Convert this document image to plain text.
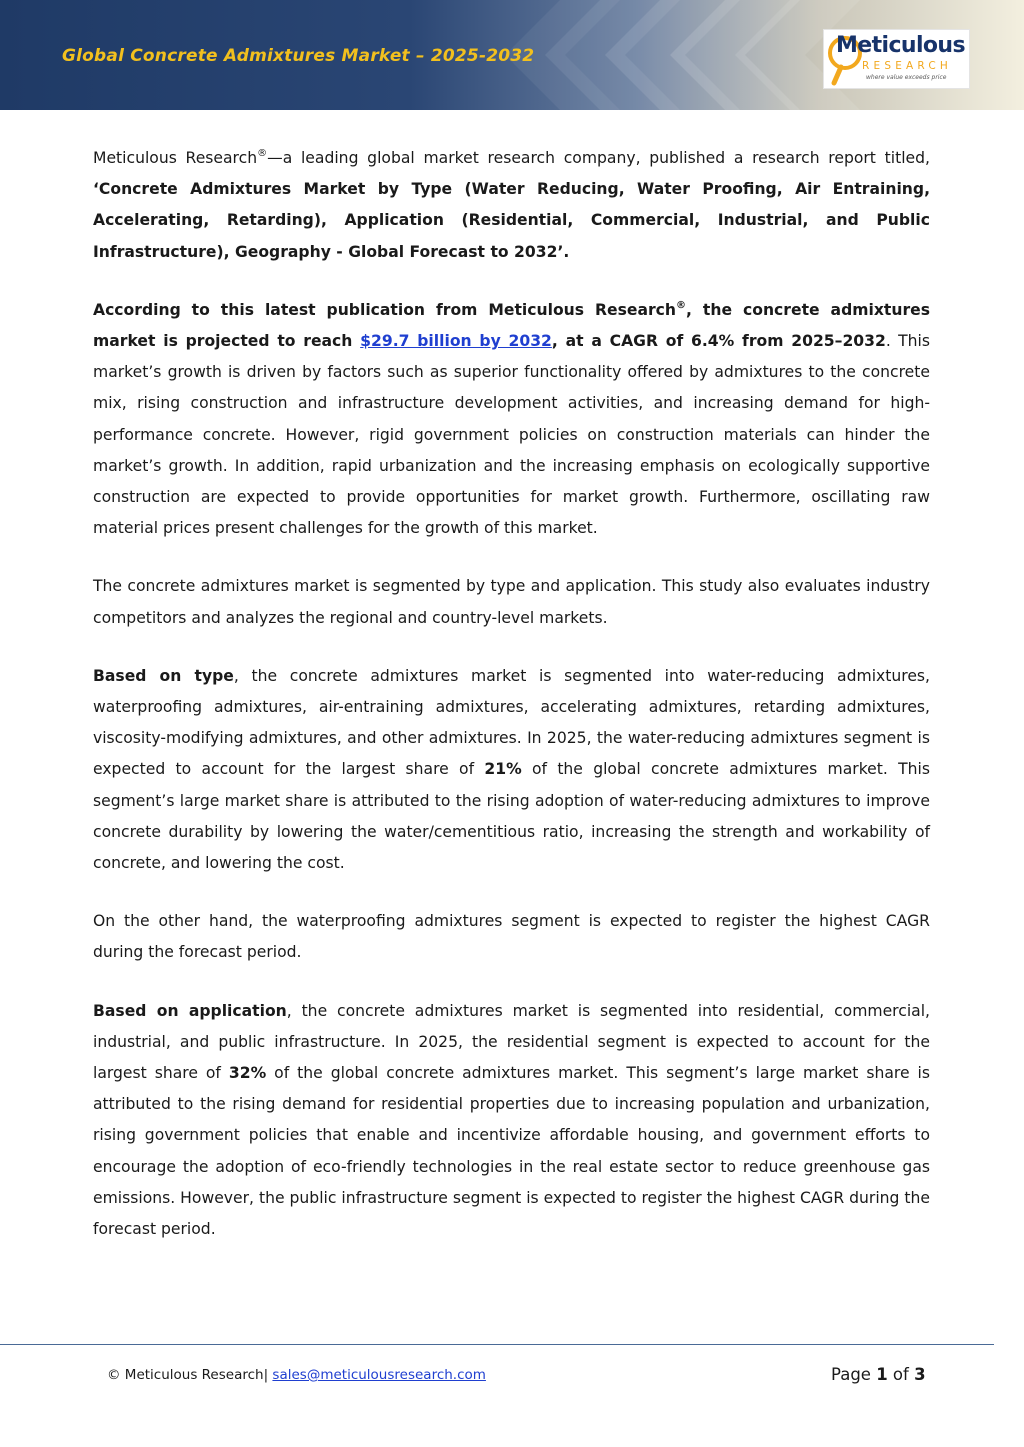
Global Concrete Admixtures Market – 2025-2032	Meticulous
RESEARCH
where value exceeds price

Meticulous Research®—a leading global market research company, published a research report titled, ‘Concrete Admixtures Market by Type (Water Reducing, Water Proofing, Air Entraining, Accelerating, Retarding), Application (Residential, Commercial, Industrial, and Public Infrastructure), Geography - Global Forecast to 2032’.

According to this latest publication from Meticulous Research®, the concrete admixtures market is projected to reach $29.7 billion by 2032, at a CAGR of 6.4% from 2025–2032. This market’s growth is driven by factors such as superior functionality offered by admixtures to the concrete mix, rising construction and infrastructure development activities, and increasing demand for high-performance concrete. However, rigid government policies on construction materials can hinder the market’s growth. In addition, rapid urbanization and the increasing emphasis on ecologically supportive construction are expected to provide opportunities for market growth. Furthermore, oscillating raw material prices present challenges for the growth of this market.

The concrete admixtures market is segmented by type and application. This study also evaluates industry competitors and analyzes the regional and country-level markets.

Based on type, the concrete admixtures market is segmented into water-reducing admixtures, waterproofing admixtures, air-entraining admixtures, accelerating admixtures, retarding admixtures, viscosity-modifying admixtures, and other admixtures. In 2025, the water-reducing admixtures segment is expected to account for the largest share of 21% of the global concrete admixtures market. This segment’s large market share is attributed to the rising adoption of water-reducing admixtures to improve concrete durability by lowering the water/cementitious ratio, increasing the strength and workability of concrete, and lowering the cost.

On the other hand, the waterproofing admixtures segment is expected to register the highest CAGR during the forecast period.

Based on application, the concrete admixtures market is segmented into residential, commercial, industrial, and public infrastructure. In 2025, the residential segment is expected to account for the largest share of 32% of the global concrete admixtures market. This segment’s large market share is attributed to the rising demand for residential properties due to increasing population and urbanization, rising government policies that enable and incentivize affordable housing, and government efforts to encourage the adoption of eco-friendly technologies in the real estate sector to reduce greenhouse gas emissions. However, the public infrastructure segment is expected to register the highest CAGR during the forecast period.

© Meticulous Research| sales@meticulousresearch.com	Page 1 of 3
